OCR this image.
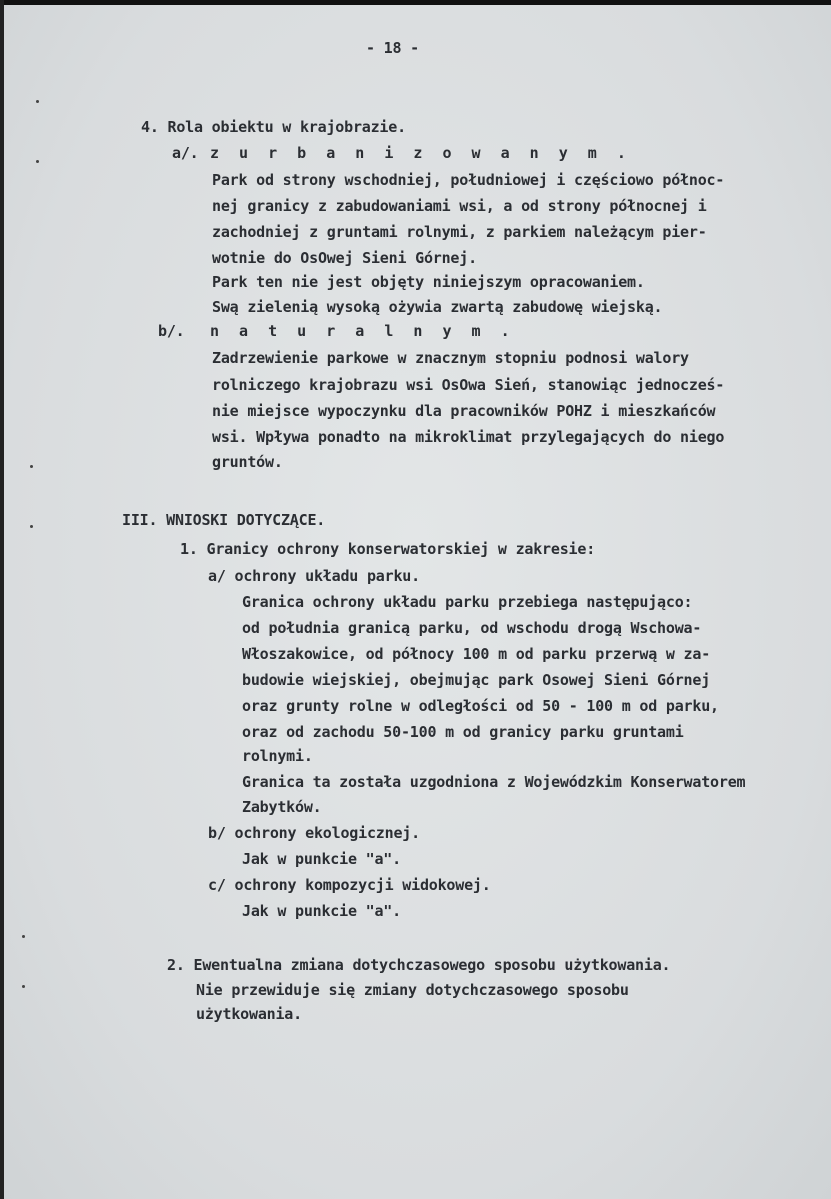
- 18 -
4. Rola obiektu w krajobrazie.
a/. z u r b a n i z o w a n y m .
Park od strony wschodniej, południowej i częściowo północ-
nej granicy z zabudowaniami wsi, a od strony północnej i
zachodniej z gruntami rolnymi, z parkiem należącym pier-
wotnie do OsOwej Sieni Górnej.
Park ten nie jest objęty niniejszym opracowaniem.
Swą zielenią wysoką ożywia zwartą zabudowę wiejską.
b/. n a t u r a l n y m .
Zadrzewienie parkowe w znacznym stopniu podnosi walory
rolniczego krajobrazu wsi OsOwa Sień, stanowiąc jednocześ-
nie miejsce wypoczynku dla pracowników POHZ i mieszkańców
wsi. Wpływa ponadto na mikroklimat przylegających do niego
gruntów.
III. WNIOSKI DOTYCZĄCE.
1. Granicy ochrony konserwatorskiej w zakresie:
a/ ochrony układu parku.
Granica ochrony układu parku przebiega następująco:
od południa granicą parku, od wschodu drogą Wschowa-
Włoszakowice, od północy 100 m od parku przerwą w za-
budowie wiejskiej, obejmując park Osowej Sieni Górnej
oraz grunty rolne w odległości od 50 - 100 m od parku,
oraz od zachodu 50-100 m od granicy parku gruntami
rolnymi.
Granica ta została uzgodniona z Wojewódzkim Konserwatorem
Zabytków.
b/ ochrony ekologicznej.
Jak w punkcie "a".
c/ ochrony kompozycji widokowej.
Jak w punkcie "a".
2. Ewentualna zmiana dotychczasowego sposobu użytkowania.
Nie przewiduje się zmiany dotychczasowego sposobu
użytkowania.
